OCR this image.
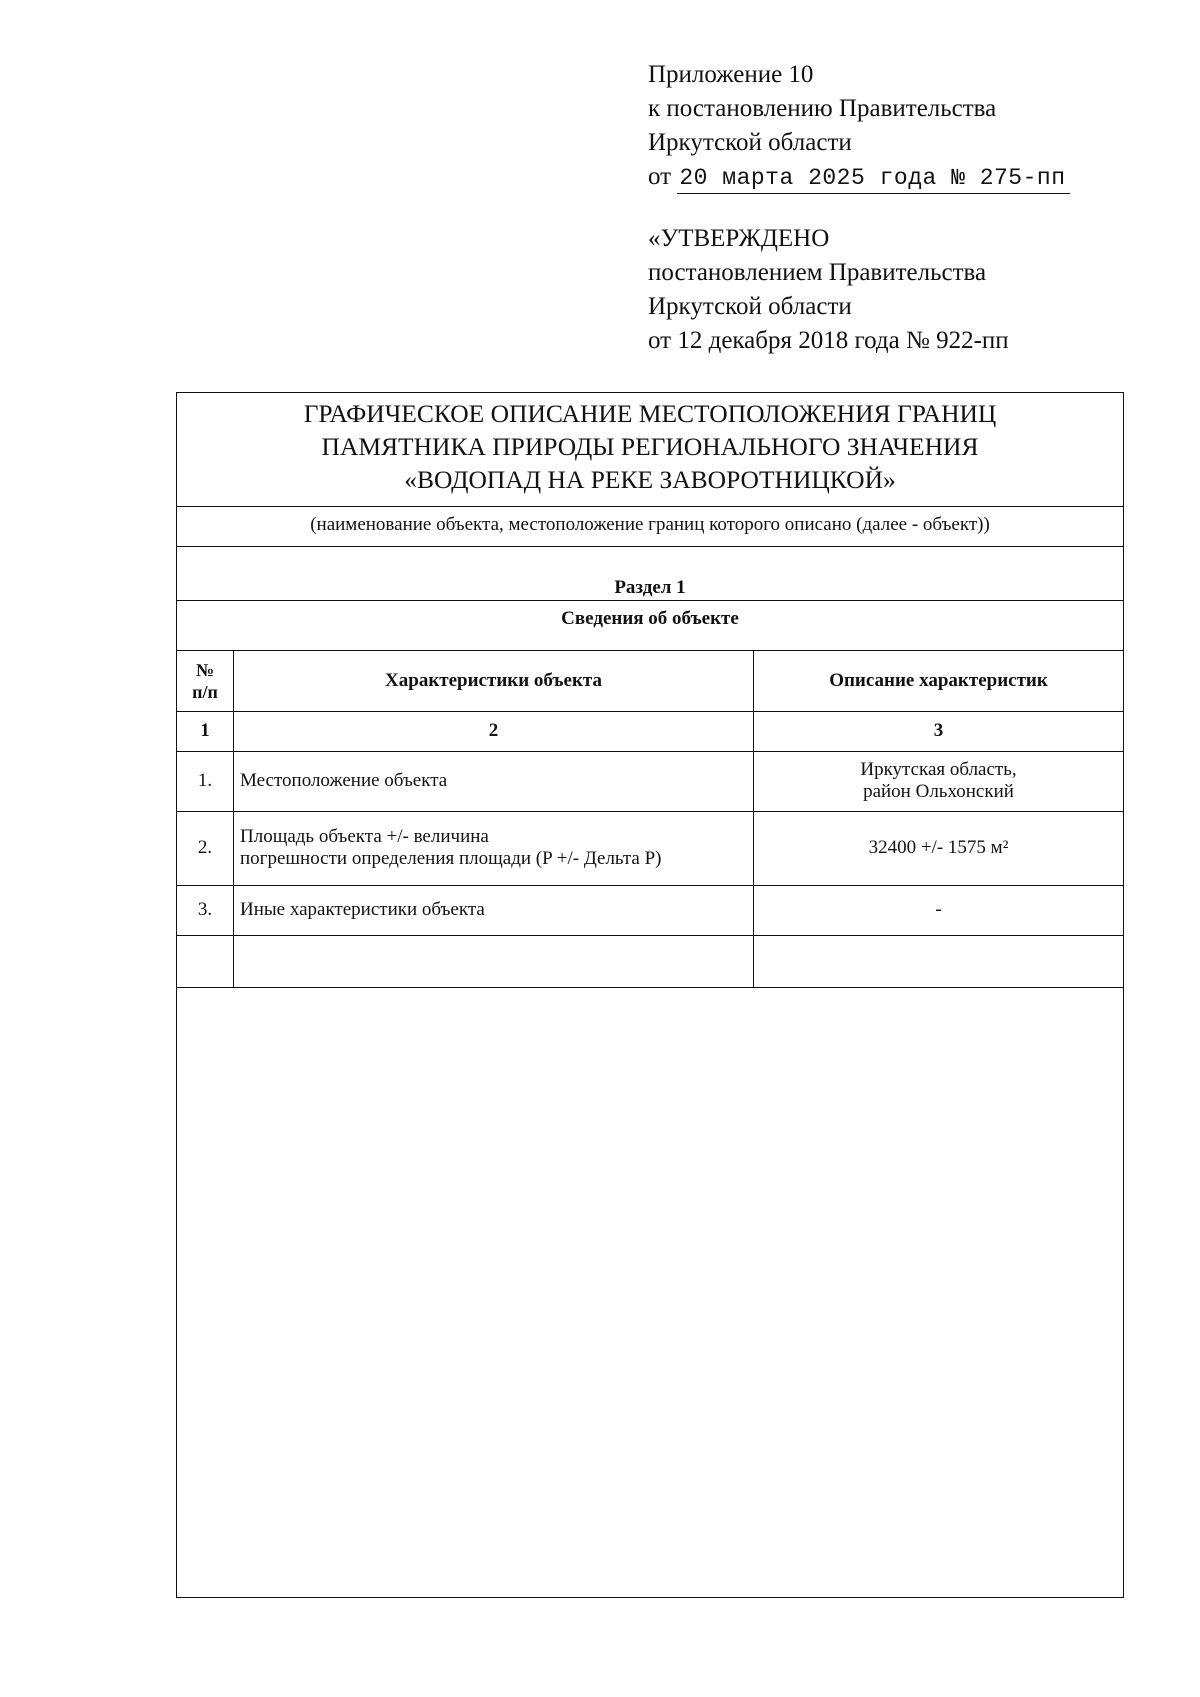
Приложение 10
к постановлению Правительства
Иркутской области
от 20 марта 2025 года № 275-пп
«УТВЕРЖДЕНО
постановлением Правительства
Иркутской области
от 12 декабря 2018 года № 922-пп
ГРАФИЧЕСКОЕ ОПИСАНИЕ МЕСТОПОЛОЖЕНИЯ ГРАНИЦ
ПАМЯТНИКА ПРИРОДЫ РЕГИОНАЛЬНОГО ЗНАЧЕНИЯ
«ВОДОПАД НА РЕКЕ ЗАВОРОТНИЦКОЙ»
(наименование объекта, местоположение границ которого описано (далее - объект))
Раздел 1
Сведения об объекте
№
п/п	Характеристики объекта	Описание характеристик
1	2	3
1.	Местоположение объекта	Иркутская область,
район Ольхонский

2.	Площадь объекта +/- величина
погрешности определения площади (P +/- Дельта P)	32400 +/- 1575 м²
3.	Иные характеристики объекта	-
